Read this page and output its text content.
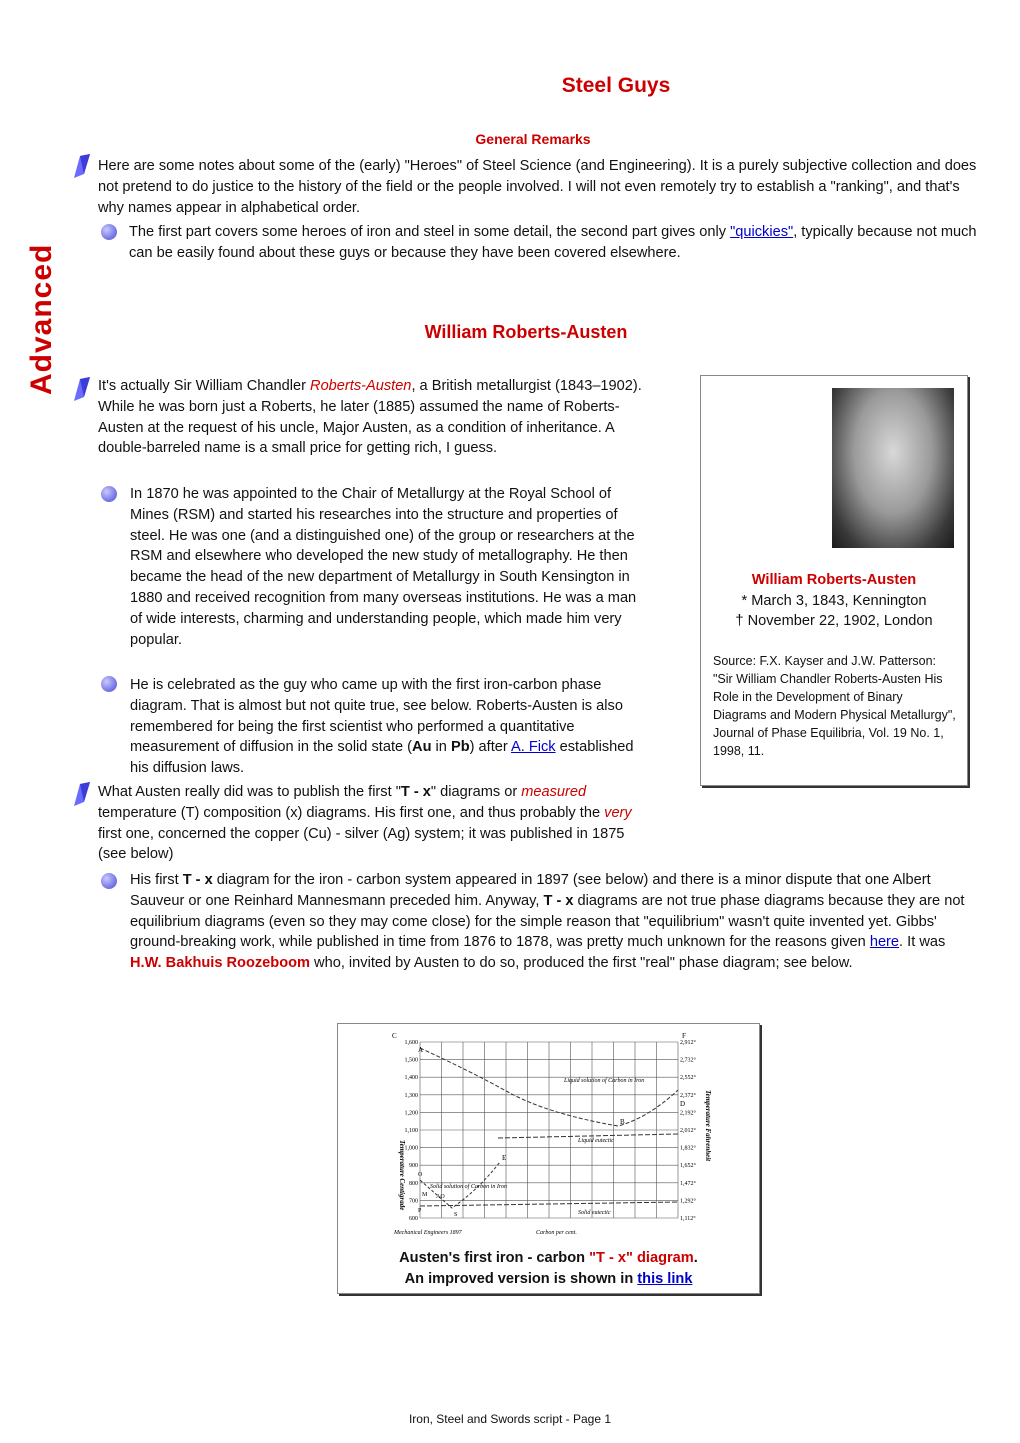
Steel Guys
Advanced
General Remarks
Here are some notes about some of the (early) "Heroes" of Steel Science (and Engineering). It is a purely subjective collection and does not pretend to do justice to the history of the field or the people involved. I will not even remotely try to establish a "ranking", and that's why names appear in alphabetical order.
The first part covers some heroes of iron and steel in some detail, the second part gives only "quickies", typically because not much can be easily found about these guys or because they have been covered elsewhere.
William Roberts-Austen
It's actually Sir William Chandler Roberts-Austen, a British metallurgist (1843–1902). While he was born just a Roberts, he later (1885) assumed the name of Roberts-Austen at the request of his uncle, Major Austen, as a condition of inheritance. A double-barreled name is a small price for getting rich, I guess.
In 1870 he was appointed to the Chair of Metallurgy at the Royal School of Mines (RSM) and started his researches into the structure and properties of steel. He was one (and a distinguished one) of the group or researchers at the RSM and elsewhere who developed the new study of metallography. He then became the head of the new department of Metallurgy in South Kensington in 1880 and received recognition from many overseas institutions. He was a man of wide interests, charming and understanding people, which made him very popular.
He is celebrated as the guy who came up with the first iron-carbon phase diagram. That is almost but not quite true, see below. Roberts-Austen is also remembered for being the first scientist who performed a quantitative measurement of diffusion in the solid state (Au in Pb) after A. Fick established his diffusion laws.
What Austen really did was to publish the first "T - x" diagrams or measured temperature (T) composition (x) diagrams. His first one, and thus probably the very first one, concerned the copper (Cu) - silver (Ag) system; it was published in 1875 (see below)
His first T - x diagram for the iron - carbon system appeared in 1897 (see below) and there is a minor dispute that one Albert Sauveur or one Reinhard Mannesmann preceded him. Anyway, T - x diagrams are not true phase diagrams because they are not equilibrium diagrams (even so they may come close) for the simple reason that "equilibrium" wasn't quite invented yet. Gibbs' ground-breaking work, while published in time from 1876 to 1878, was pretty much unknown for the reasons given here. It was H.W. Bakhuis Roozeboom who, invited by Austen to do so, produced the first "real" phase diagram; see below.
William Roberts-Austen
* March 3, 1843, Kennington
† November 22, 1902, London
Source: F.X. Kayser and J.W. Patterson: "Sir William Chandler Roberts-Austen His Role in the Development of Binary Diagrams and Modern Physical Metallurgy", Journal of Phase Equilibria, Vol. 19 No. 1, 1998, 11.
1,600
1,500
1,400
1,300
1,200
1,100
1,000
900
800
700
600
2,912°
2,732°
2,552°
2,372°
2,192°
2,012°
1,832°
1,652°
1,472°
1,292°
1,112°
C	F
Temperature Centigrade
Temperature Fahrenheit
Liquid solution of Carbon in Iron
Liquid eutectic
Solid solution of Carbon in Iron
Solid eutectic
A
B
D
E
O
M AO
S
P
Mechanical Engineers 1897	Carbon per cent.
Austen's first iron - carbon "T - x" diagram.
An improved version is shown in this link
Iron, Steel and Swords script - Page 1
